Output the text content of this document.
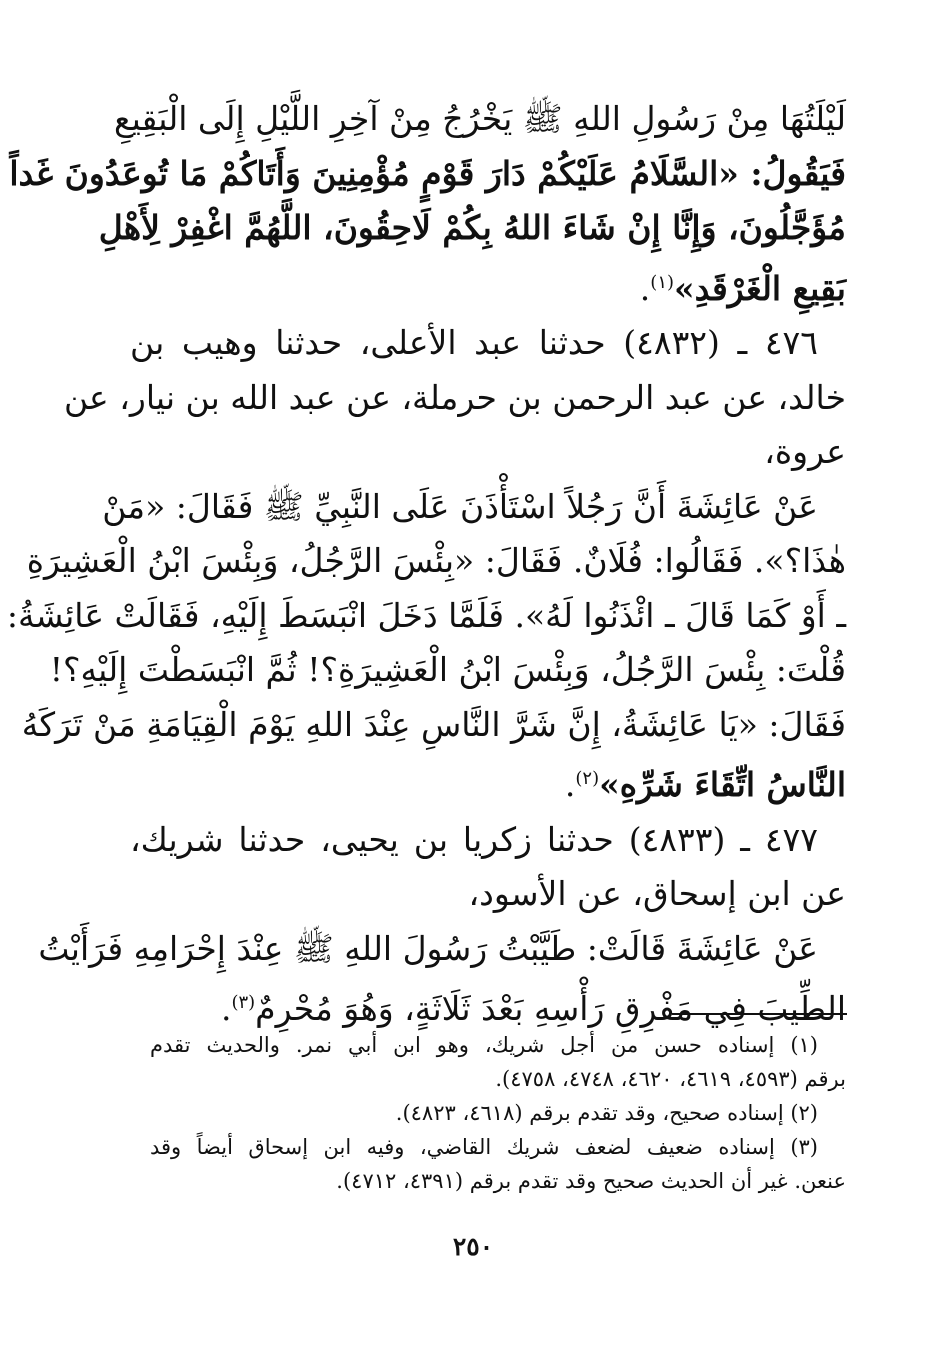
لَيْلَتُهَا مِنْ رَسُولِ اللهِ ﷺ يَخْرُجُ مِنْ آخِرِ اللَّيْلِ إِلَى الْبَقِيعِ
فَيَقُولُ: «السَّلَامُ عَلَيْكُمْ دَارَ قَوْمٍ مُؤْمِنِينَ وَأَتَاكُمْ مَا تُوعَدُونَ غَداً
مُؤَجَّلُونَ، وَإِنَّا إِنْ شَاءَ اللهُ بِكُمْ لَاحِقُونَ، اللَّهُمَّ اغْفِرْ لِأَهْلِ
بَقِيعِ الْغَرْقَدِ»$^{(١)}$.
٤٧٦ ـ (٤٨٣٢) حدثنا عبد الأعلى، حدثنا وهيب بن
خالد، عن عبد الرحمن بن حرملة، عن عبد الله بن نيار، عن
عروة،
عَنْ عَائِشَةَ أَنَّ رَجُلاً اسْتَأْذَنَ عَلَى النَّبِيِّ ﷺ فَقَالَ: «مَنْ
هٰذَا؟». فَقَالُوا: فُلَانٌ. فَقَالَ: «بِئْسَ الرَّجُلُ، وَبِئْسَ ابْنُ الْعَشِيرَةِ
ـ أَوْ كَمَا قَالَ ـ ائْذَنُوا لَهُ». فَلَمَّا دَخَلَ انْبَسَطَ إِلَيْهِ، فَقَالَتْ عَائِشَةُ:
قُلْتَ: بِئْسَ الرَّجُلُ، وَبِئْسَ ابْنُ الْعَشِيرَةِ؟! ثُمَّ انْبَسَطْتَ إِلَيْهِ؟!
فَقَالَ: «يَا عَائِشَةُ، إِنَّ شَرَّ النَّاسِ عِنْدَ اللهِ يَوْمَ الْقِيَامَةِ مَنْ تَرَكَهُ
النَّاسُ اتِّقَاءَ شَرِّهِ»$^{(٢)}$.
٤٧٧ ـ (٤٨٣٣) حدثنا زكريا بن يحيى، حدثنا شريك،
عن ابن إسحاق، عن الأسود،
عَنْ عَائِشَةَ قَالَتْ: طَيَّبْتُ رَسُولَ اللهِ ﷺ عِنْدَ إِحْرَامِهِ فَرَأَيْتُ
الطِّيبَ فِي مَفْرِقِ رَأْسِهِ بَعْدَ ثَلَاثَةٍ، وَهُوَ مُحْرِمٌ$^{(٣)}$.
(١) إسناده حسن من أجل شريك، وهو ابن أبي نمر. والحديث تقدم
برقم (٤٥٩٣، ٤٦١٩، ٤٦٢٠، ٤٧٤٨، ٤٧٥٨).
(٢) إسناده صحيح، وقد تقدم برقم (٤٦١٨، ٤٨٢٣).
(٣) إسناده ضعيف لضعف شريك القاضي، وفيه ابن إسحاق أيضاً وقد
عنعن. غير أن الحديث صحيح وقد تقدم برقم (٤٣٩١، ٤٧١٢).
٢٥٠
